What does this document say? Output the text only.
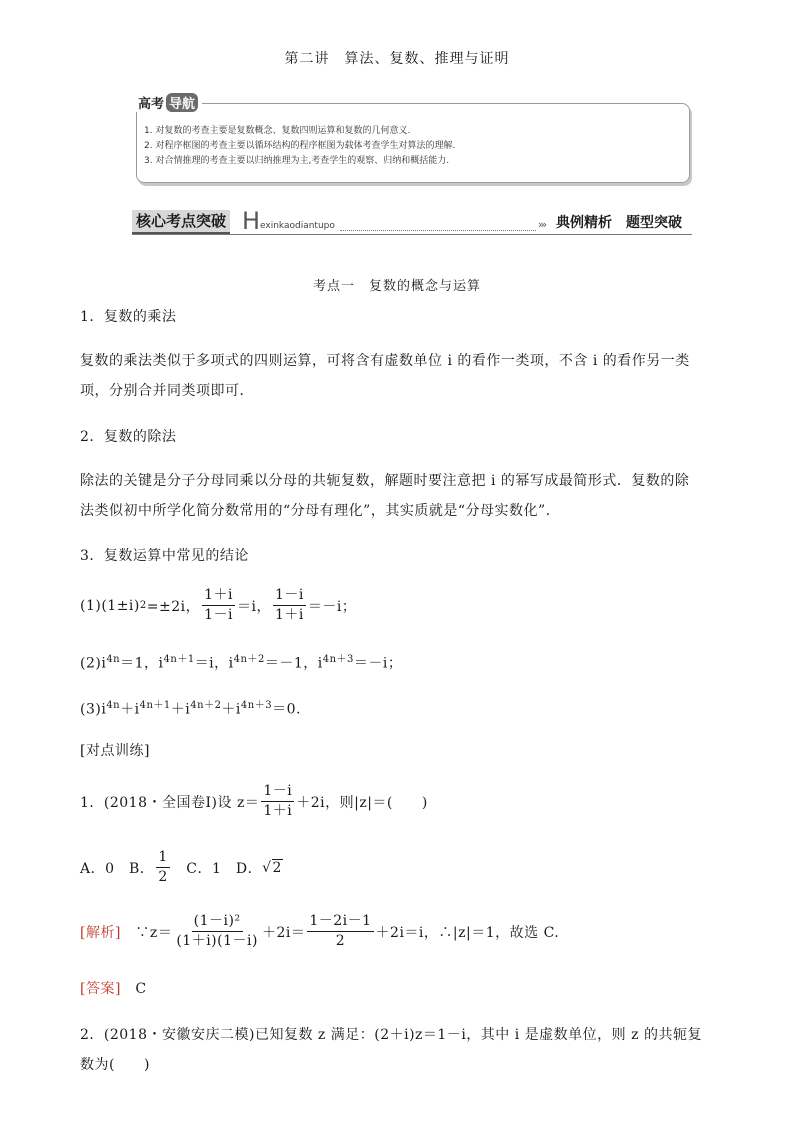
第二讲　算法、复数、推理与证明
高考 导航
1. 对复数的考查主要是复数概念、复数四则运算和复数的几何意义.
2. 对程序框图的考查主要以循环结构的程序框图为载体考查学生对算法的理解.
3. 对合情推理的考查主要以归纳推理为主,考查学生的观察、归纳和概括能力.
核心考点突破 H exinkaodiantupo	››› 典例精析　题型突破
考点一　复数的概念与运算
1．复数的乘法
复数的乘法类似于多项式的四则运算，可将含有虚数单位 i 的看作一类项，不含 i 的看作另一类
项，分别合并同类项即可．
2．复数的除法
除法的关键是分子分母同乘以分母的共轭复数，解题时要注意把 i 的幂写成最简形式．复数的除
法类似初中所学化简分数常用的“分母有理化”，其实质就是“分母实数化”.
3．复数运算中常见的结论
(1)(1±i) 2 =±2i， $\frac{1+i}{1-i} =i$， $\frac{1-i}{1+i} =-i$；
$(2)i^{4n}=1$，$i^{4n+1}=i$，$i^{4n+2}=-1$，$i^{4n+3}=-i$；
$(3)i^{4n}+i^{4n+1}+i^{4n+2}+i^{4n+3}=0$.
[对点训练]
1．(2018・全国卷Ⅰ)设 $z= \frac{1-i}{1+i} +2i$，则|z|＝(　　)
A．0　B． $\frac{1}{2}$ 　C．1　D． √ 2
[解析] 　∵z＝ $\frac{\text{(1－i)²}}{(1+i)(1-i)} +2i= \frac{1-2i-1}{2} +2i=i$，∴|z|＝1，故选 C.
[答案]　C
2．(2018・安徽安庆二模)已知复数 z 满足：(2＋i)z＝1－i，其中 i 是虚数单位，则 z 的共轭复
数为(　　)
